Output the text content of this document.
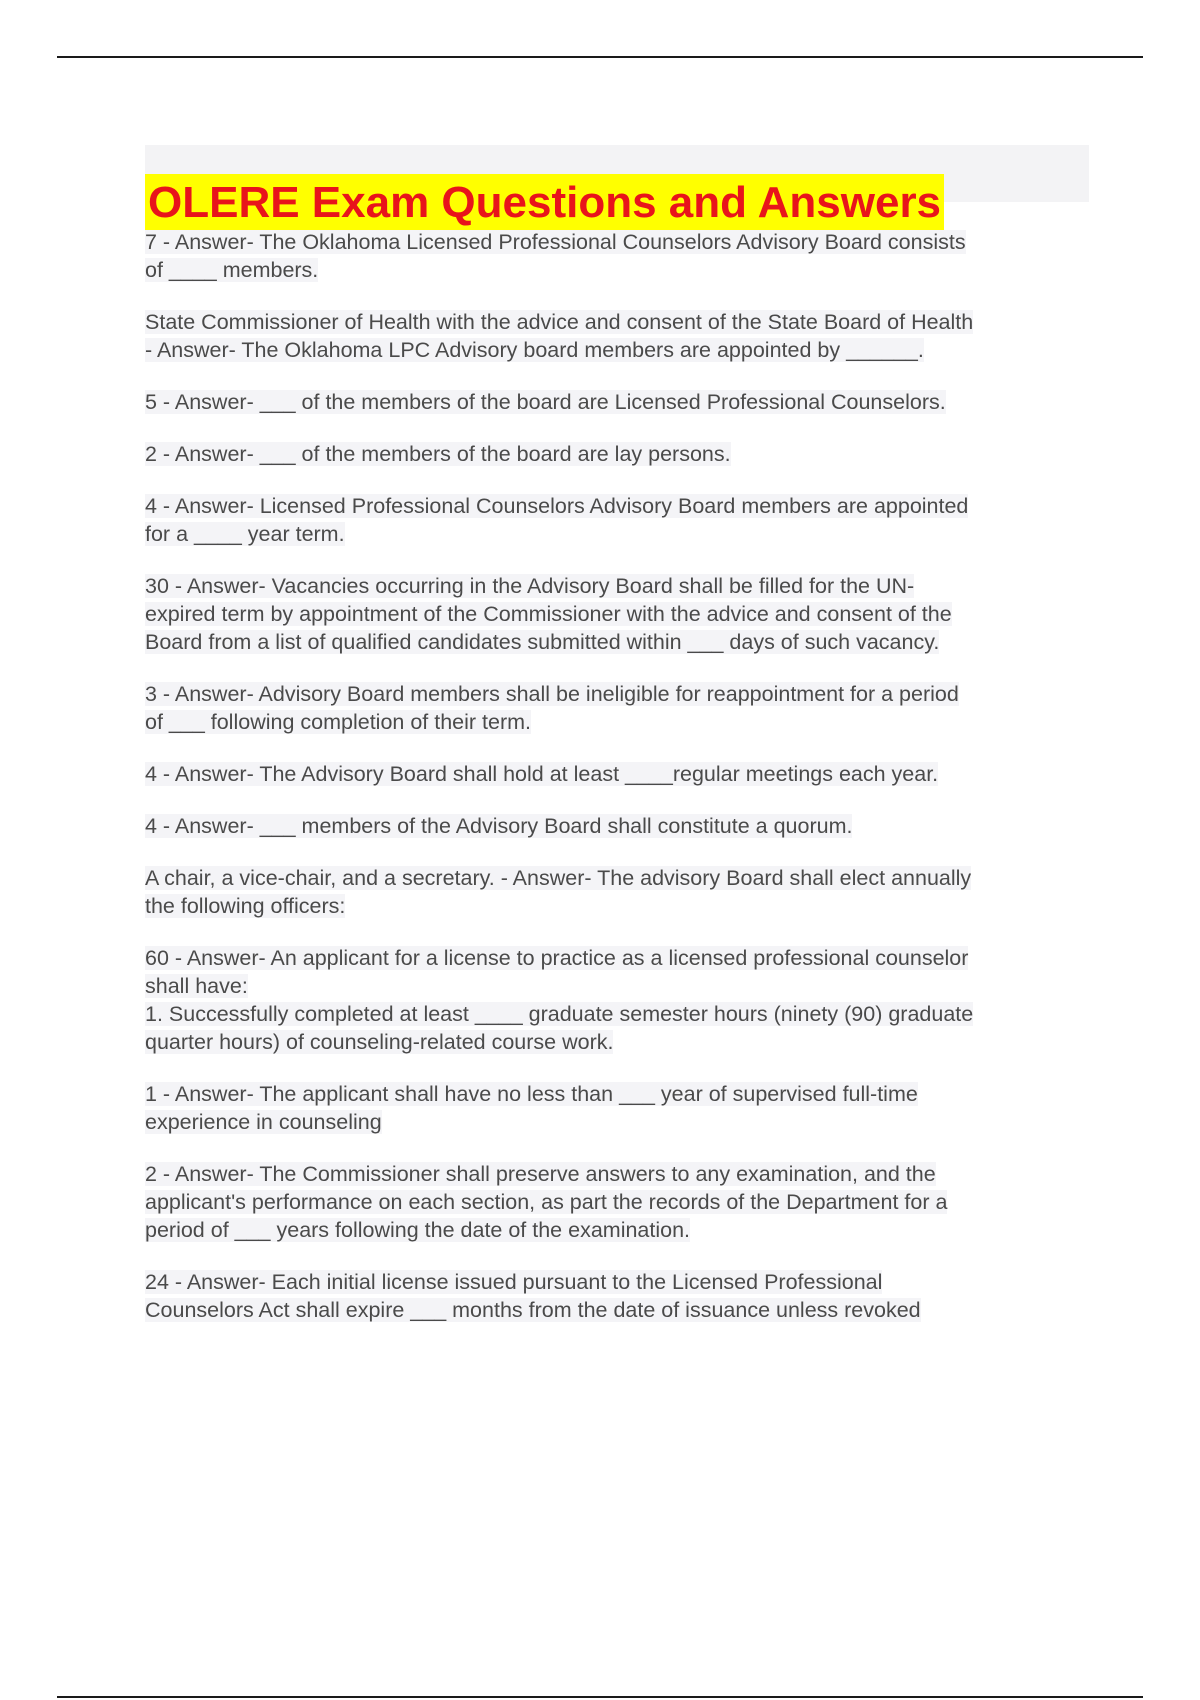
OLERE Exam Questions and Answers

7 - Answer- The Oklahoma Licensed Professional Counselors Advisory Board consists
of ____ members.

State Commissioner of Health with the advice and consent of the State Board of Health
- Answer- The Oklahoma LPC Advisory board members are appointed by ______.

5 - Answer- ___ of the members of the board are Licensed Professional Counselors.

2 - Answer- ___ of the members of the board are lay persons.

4 - Answer- Licensed Professional Counselors Advisory Board members are appointed
for a ____ year term.

30 - Answer- Vacancies occurring in the Advisory Board shall be filled for the UN-
expired term by appointment of the Commissioner with the advice and consent of the
Board from a list of qualified candidates submitted within ___ days of such vacancy.

3 - Answer- Advisory Board members shall be ineligible for reappointment for a period
of ___ following completion of their term.

4 - Answer- The Advisory Board shall hold at least ____regular meetings each year.

4 - Answer- ___ members of the Advisory Board shall constitute a quorum.

A chair, a vice-chair, and a secretary. - Answer- The advisory Board shall elect annually
the following officers:

60 - Answer- An applicant for a license to practice as a licensed professional counselor
shall have:
1. Successfully completed at least ____ graduate semester hours (ninety (90) graduate
quarter hours) of counseling-related course work.

1 - Answer- The applicant shall have no less than ___ year of supervised full-time
experience in counseling

2 - Answer- The Commissioner shall preserve answers to any examination, and the
applicant's performance on each section, as part the records of the Department for a
period of ___ years following the date of the examination.

24 - Answer- Each initial license issued pursuant to the Licensed Professional
Counselors Act shall expire ___ months from the date of issuance unless revoked
